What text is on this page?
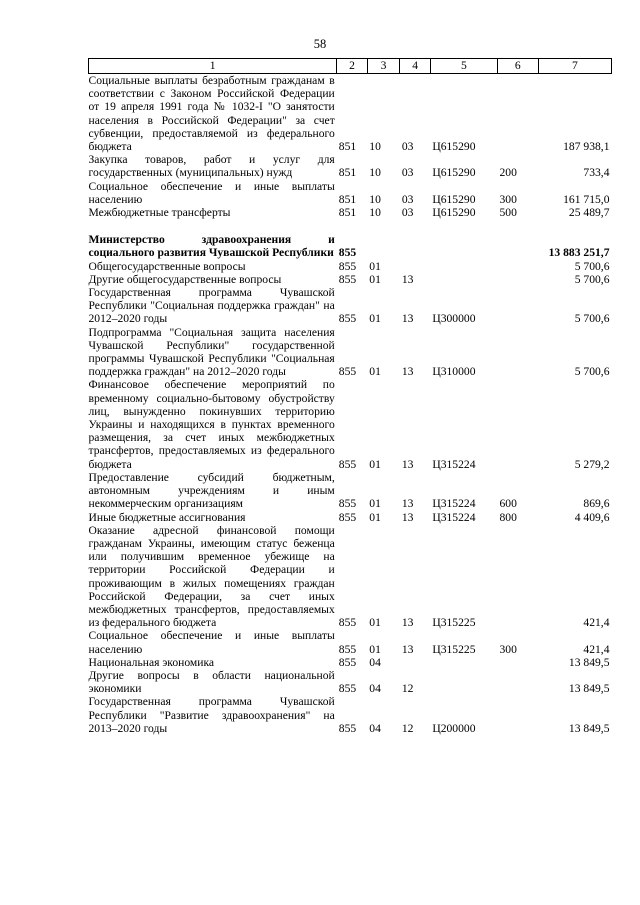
58
1	2	3	4	5	6	7
Социальные выплаты безработным гражданам в соответствии с Законом Российской Федерации от 19 апреля 1991 года № 1032-I "О занятости населения в Российской Федерации" за счет субвенции, предоставляемой из федерального бюджета	851	10	03	Ц615290		187 938,1
Закупка товаров, работ и услуг для государственных (муниципальных) нужд	851	10	03	Ц615290	200	733,4
Социальное обеспечение и иные выплаты населению	851	10	03	Ц615290	300	161 715,0
Межбюджетные трансферты	851	10	03	Ц615290	500	25 489,7

Министерство здравоохранения и социального развития Чувашской Республики	855					13 883 251,7
Общегосударственные вопросы	855	01				5 700,6
Другие общегосударственные вопросы	855	01	13			5 700,6
Государственная программа Чувашской Республики "Социальная поддержка граждан" на 2012–2020 годы	855	01	13	Ц300000		5 700,6
Подпрограмма "Социальная защита населения Чувашской Республики" государственной программы Чувашской Республики "Социальная поддержка граждан" на 2012–2020 годы	855	01	13	Ц310000		5 700,6
Финансовое обеспечение мероприятий по временному социально-бытовому обустройству лиц, вынужденно покинувших территорию Украины и находящихся в пунктах временного размещения, за счет иных межбюджетных трансфертов, предоставляемых из федерального бюджета	855	01	13	Ц315224		5 279,2
Предоставление субсидий бюджетным, автономным учреждениям и иным некоммерческим организациям	855	01	13	Ц315224	600	869,6
Иные бюджетные ассигнования	855	01	13	Ц315224	800	4 409,6
Оказание адресной финансовой помощи гражданам Украины, имеющим статус беженца или получившим временное убежище на территории Российской Федерации и проживающим в жилых помещениях граждан Российской Федерации, за счет иных межбюджетных трансфертов, предоставляемых из федерального бюджета	855	01	13	Ц315225		421,4
Социальное обеспечение и иные выплаты населению	855	01	13	Ц315225	300	421,4
Национальная экономика	855	04				13 849,5
Другие вопросы в области национальной экономики	855	04	12			13 849,5
Государственная программа Чувашской Республики "Развитие здравоохранения" на 2013–2020 годы	855	04	12	Ц200000		13 849,5
